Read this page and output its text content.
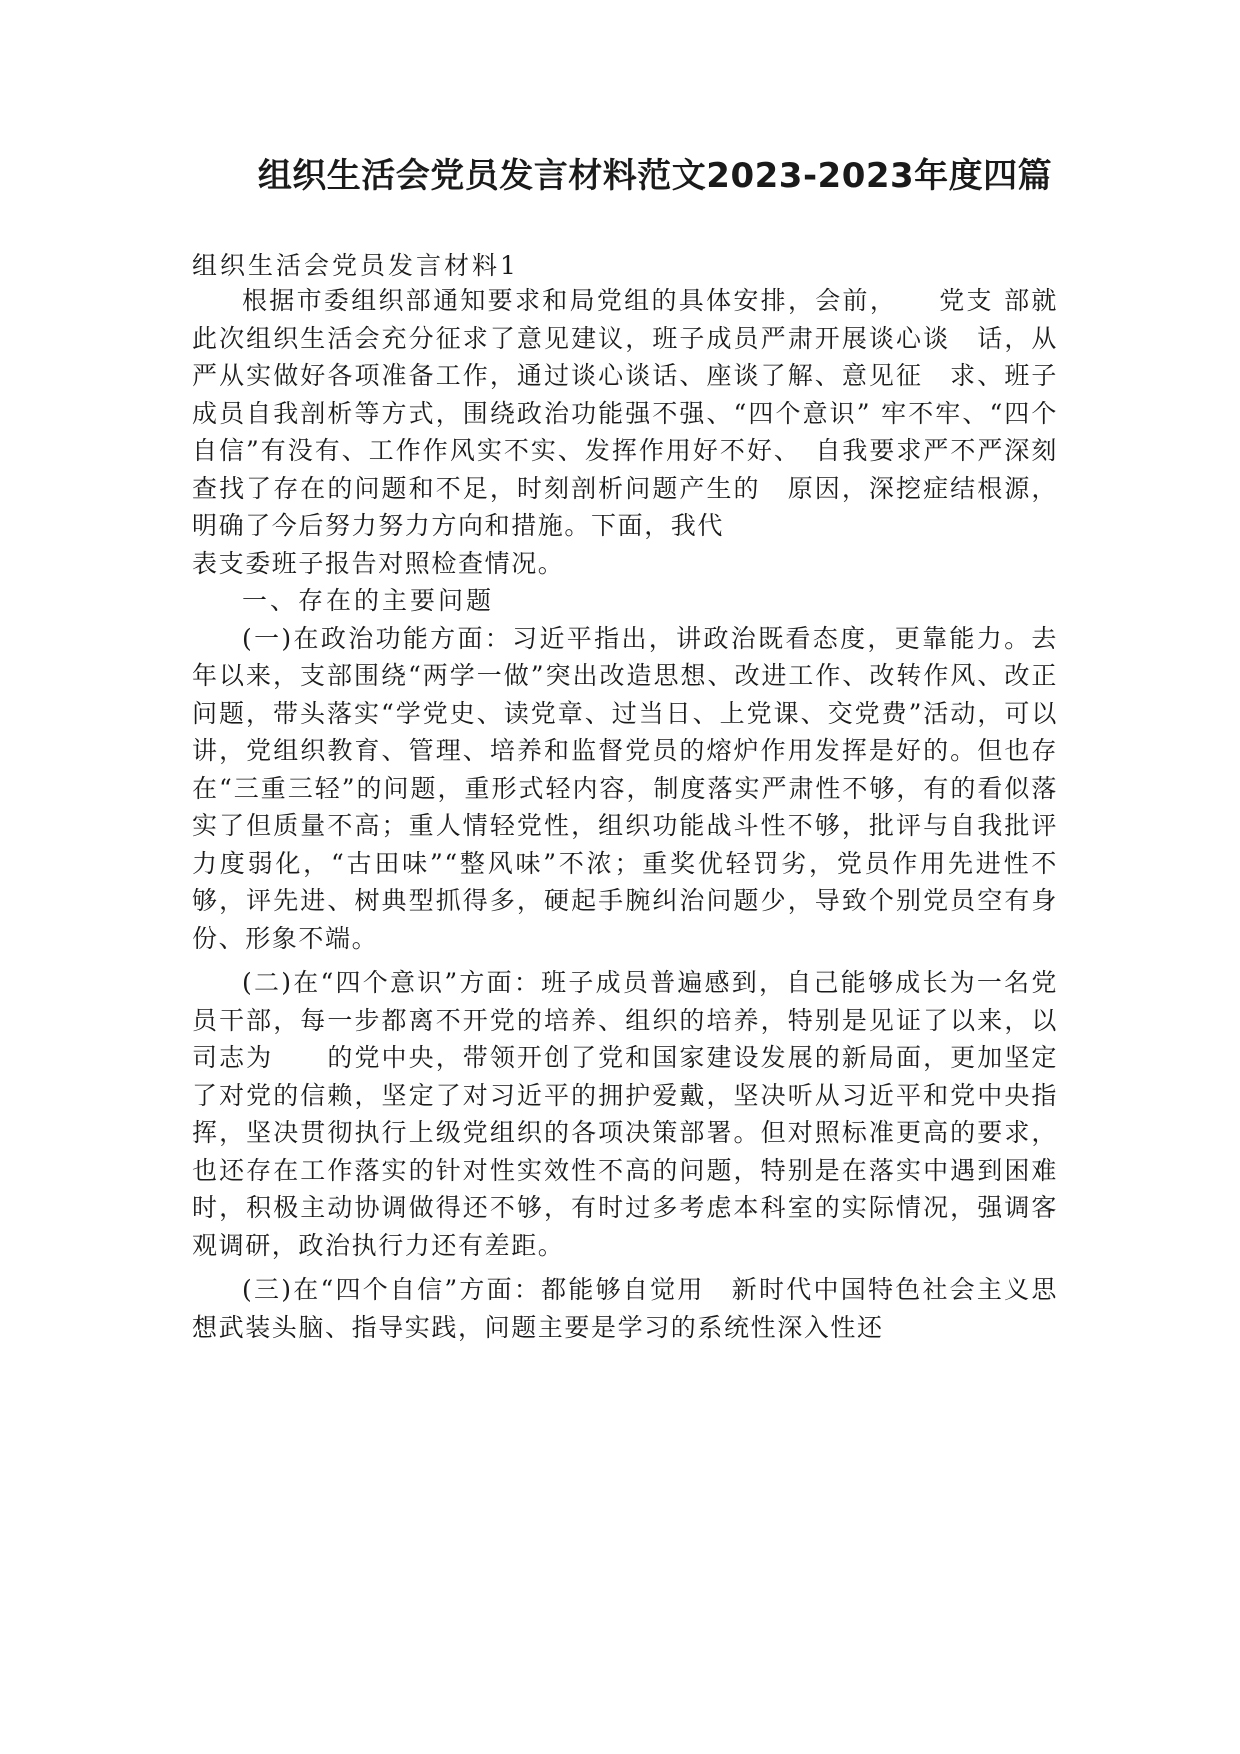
组织生活会党员发言材料范文2023-2023年度四篇

组织生活会党员发言材料1

根据市委组织部通知要求和局党组的具体安排，会前，　　党支 部就此次组织生活会充分征求了意见建议，班子成员严肃开展谈心谈　话，从严从实做好各项准备工作，通过谈心谈话、座谈了解、意见征　求、班子成员自我剖析等方式，围绕政治功能强不强、“四个意识” 牢不牢、“四个自信”有没有、工作作风实不实、发挥作用好不好、　自我要求严不严深刻查找了存在的问题和不足，时刻剖析问题产生的　原因，深挖症结根源，明确了今后努力努力方向和措施。下面，我代

表支委班子报告对照检查情况。

一、存在的主要问题

(一)在政治功能方面：习近平指出，讲政治既看态度，更靠能力。去年以来，支部围绕“两学一做”突出改造思想、改进工作、改转作风、改正问题，带头落实“学党史、读党章、过当日、上党课、交党费”活动，可以讲，党组织教育、管理、培养和监督党员的熔炉作用发挥是好的。但也存在“三重三轻”的问题，重形式轻内容，制度落实严肃性不够，有的看似落实了但质量不高；重人情轻党性，组织功能战斗性不够，批评与自我批评力度弱化，“古田味”“整风味”不浓；重奖优轻罚劣，党员作用先进性不够，评先进、树典型抓得多，硬起手腕纠治问题少，导致个别党员空有身份、形象不端。

(二)在“四个意识”方面：班子成员普遍感到，自己能够成长为一名党员干部，每一步都离不开党的培养、组织的培养，特别是见证了以来，以　　司志为　　的党中央，带领开创了党和国家建设发展的新局面，更加坚定了对党的信赖，坚定了对习近平的拥护爱戴，坚决听从习近平和党中央指挥，坚决贯彻执行上级党组织的各项决策部署。但对照标准更高的要求，也还存在工作落实的针对性实效性不高的问题，特别是在落实中遇到困难时，积极主动协调做得还不够，有时过多考虑本科室的实际情况，强调客观调研，政治执行力还有差距。

(三)在“四个自信”方面：都能够自觉用　新时代中国特色社会主义思想武装头脑、指导实践，问题主要是学习的系统性深入性还
